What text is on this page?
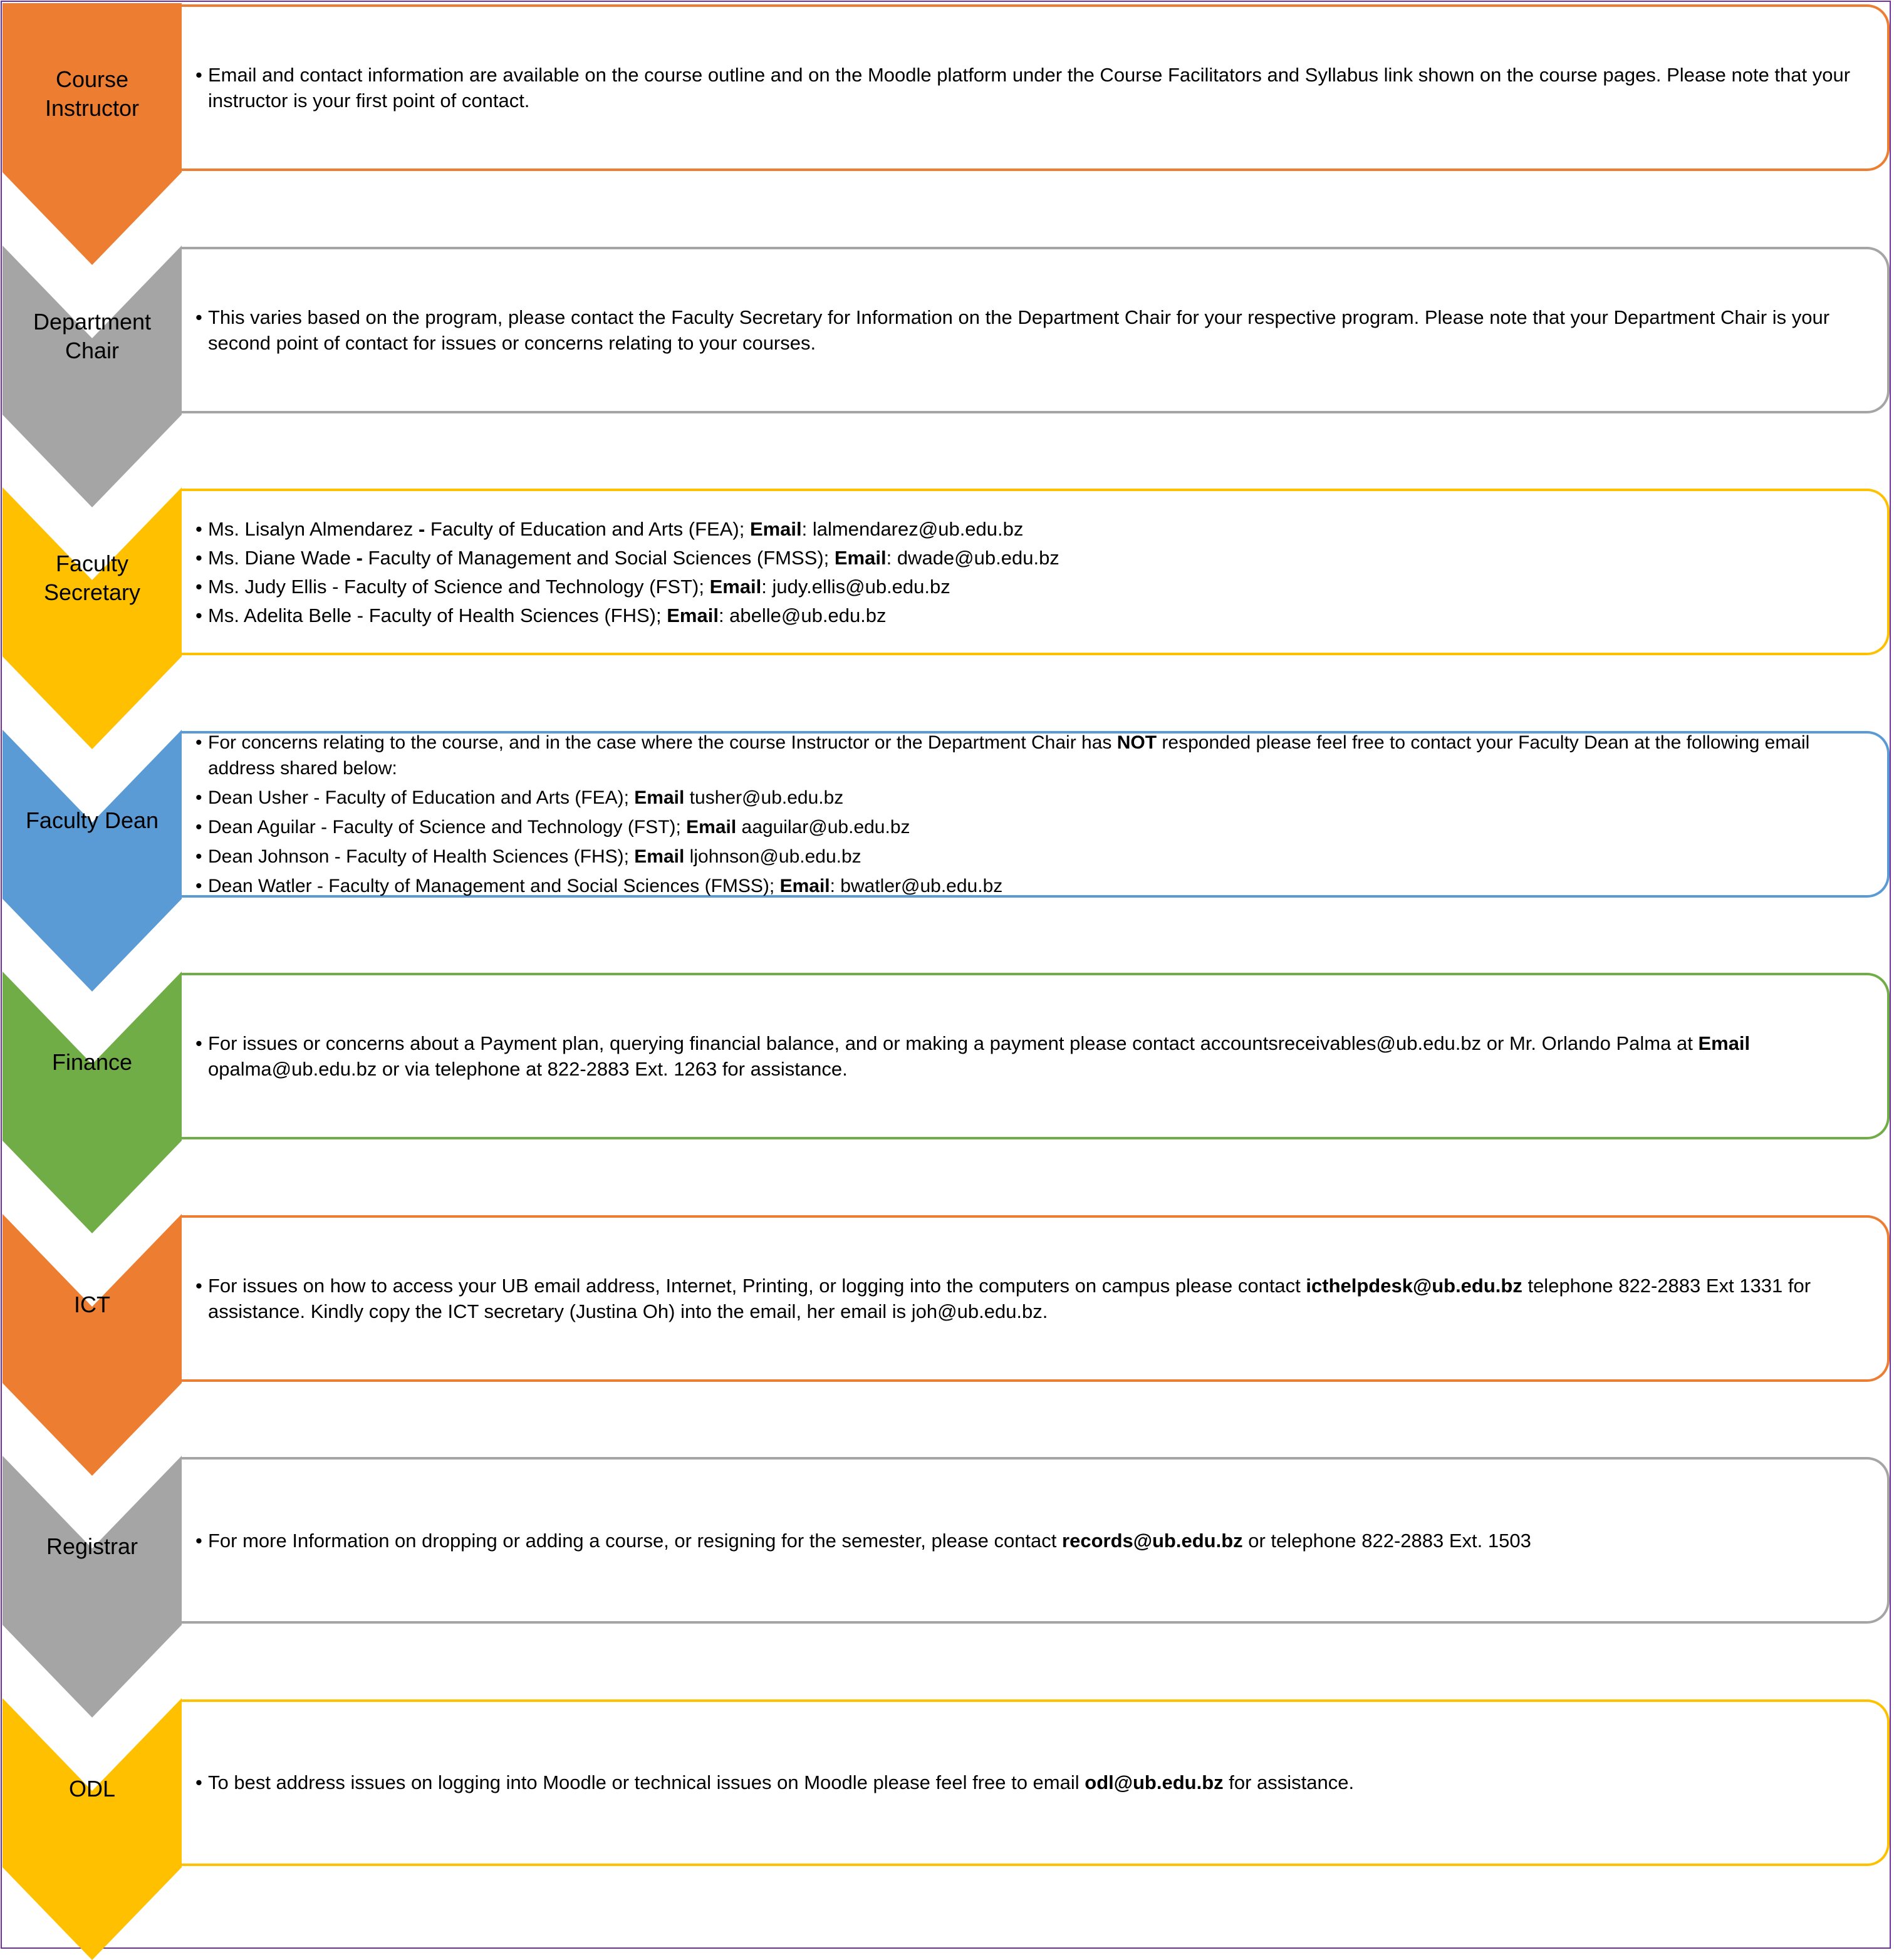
Course
Instructor
• Email and contact information are available on the course outline and on the Moodle platform under the Course Facilitators and Syllabus link shown on the course pages. Please note that your instructor is your first point of contact.
Department
Chair
• This varies based on the program, please contact the Faculty Secretary for Information on the Department Chair for your respective program. Please note that your Department Chair is your second point of contact for issues or concerns relating to your courses.
Faculty
Secretary
• Ms. Lisalyn Almendarez - Faculty of Education and Arts (FEA); Email: lalmendarez@ub.edu.bz
• Ms. Diane Wade - Faculty of Management and Social Sciences (FMSS); Email: dwade@ub.edu.bz
• Ms. Judy Ellis - Faculty of Science and Technology (FST); Email: judy.ellis@ub.edu.bz
• Ms. Adelita Belle - Faculty of Health Sciences (FHS); Email: abelle@ub.edu.bz
Faculty Dean
• For concerns relating to the course, and in the case where the course Instructor or the Department Chair has NOT responded please feel free to contact your Faculty Dean at the following email address shared below:
• Dean Usher - Faculty of Education and Arts (FEA); Email tusher@ub.edu.bz
• Dean Aguilar - Faculty of Science and Technology (FST); Email aaguilar@ub.edu.bz
• Dean Johnson - Faculty of Health Sciences (FHS); Email ljohnson@ub.edu.bz
• Dean Watler - Faculty of Management and Social Sciences (FMSS); Email: bwatler@ub.edu.bz
Finance
• For issues or concerns about a Payment plan, querying financial balance, and or making a payment please contact accountsreceivables@ub.edu.bz or Mr. Orlando Palma at Email opalma@ub.edu.bz or via telephone at 822-2883 Ext. 1263 for assistance.
ICT
• For issues on how to access your UB email address, Internet, Printing, or logging into the computers on campus please contact icthelpdesk@ub.edu.bz telephone 822-2883 Ext 1331 for assistance. Kindly copy the ICT secretary (Justina Oh) into the email, her email is joh@ub.edu.bz.
Registrar	• For more Information on dropping or adding a course, or resigning for the semester, please contact records@ub.edu.bz or telephone 822-2883 Ext. 1503
ODL	• To best address issues on logging into Moodle or technical issues on Moodle please feel free to email odl@ub.edu.bz for assistance.
